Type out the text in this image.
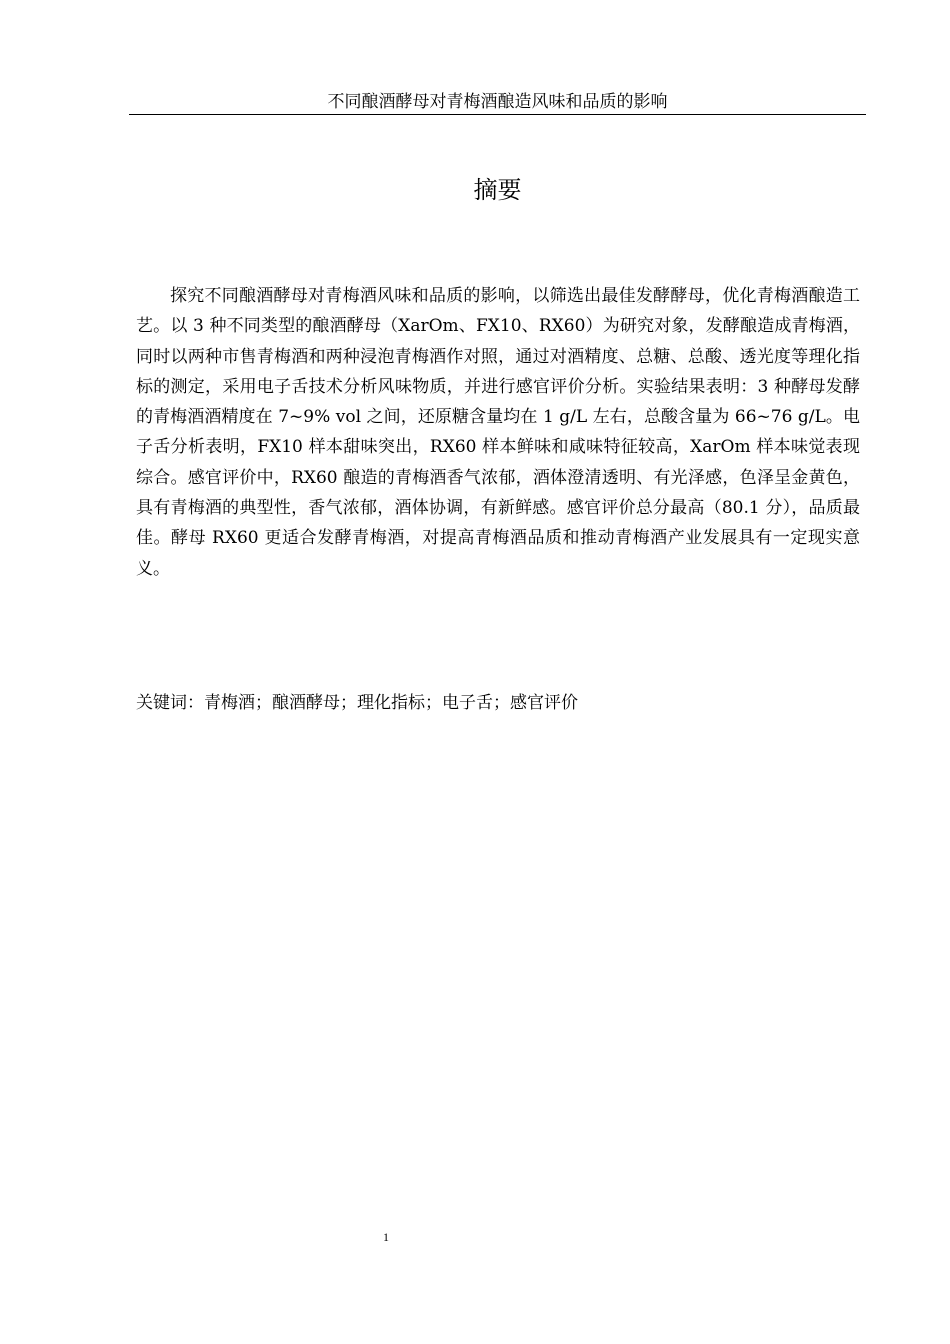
不同酿酒酵母对青梅酒酿造风味和品质的影响
摘要

探究不同酿酒酵母对青梅酒风味和品质的影响，以筛选出最佳发酵酵母，优化青梅酒酿造工艺。以 3 种不同类型的酿酒酵母（XarOm、FX10、RX60）为研究对象，发酵酿造成青梅酒，同时以两种市售青梅酒和两种浸泡青梅酒作对照，通过对酒精度、总糖、总酸、透光度等理化指标的测定，采用电子舌技术分析风味物质，并进行感官评价分析。实验结果表明：3 种酵母发酵的青梅酒酒精度在 7~9% vol 之间，还原糖含量均在 1 g/L 左右，总酸含量为 66~76 g/L。电子舌分析表明，FX10 样本甜味突出，RX60 样本鲜味和咸味特征较高，XarOm 样本味觉表现综合。感官评价中，RX60 酿造的青梅酒香气浓郁，酒体澄清透明、有光泽感，色泽呈金黄色，具有青梅酒的典型性，香气浓郁，酒体协调，有新鲜感。感官评价总分最高（80.1 分），品质最佳。酵母 RX60 更适合发酵青梅酒，对提高青梅酒品质和推动青梅酒产业发展具有一定现实意义。

关键词：青梅酒；酿酒酵母；理化指标；电子舌；感官评价
1
